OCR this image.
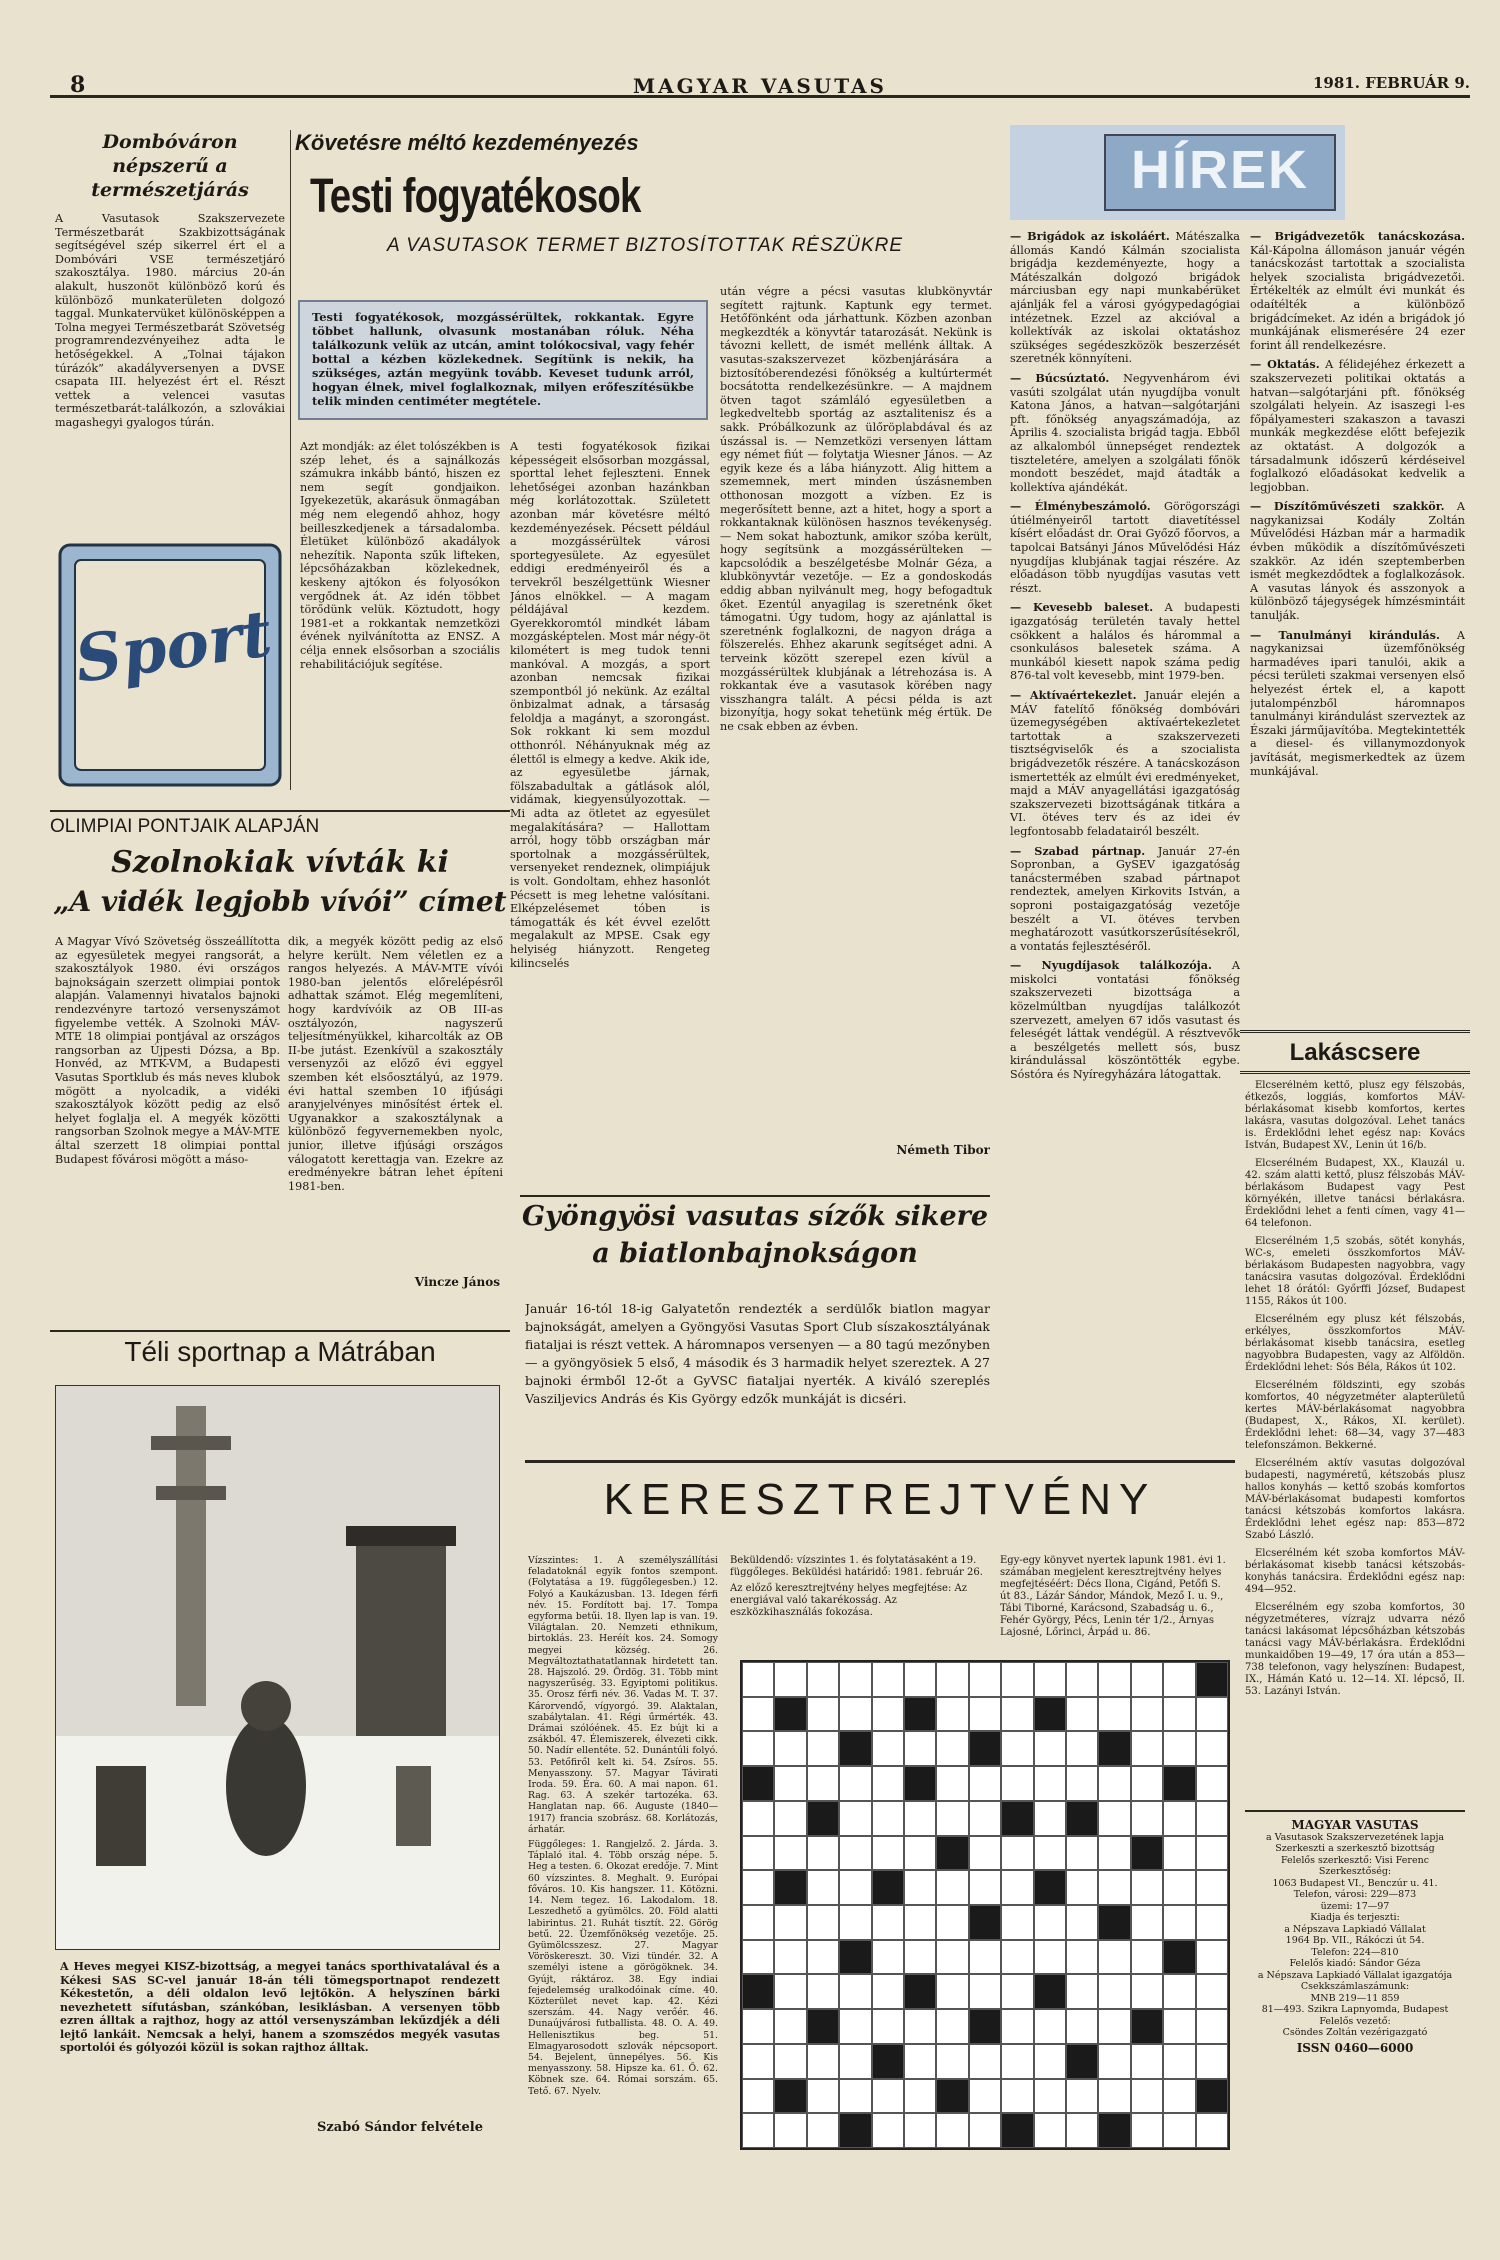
8	MAGYAR VASUTAS	1981. FEBRUÁR 9.
Dombóváron népszerű a természetjárás
A Vasutasok Szakszervezete Természetbarát Szakbizottságának segítségével szép sikerrel ért el a Dombóvári VSE természetjáró szakosztálya. 1980. március 20-án alakult, huszonöt különböző korú és különböző munkaterületen dolgozó taggal. Munkatervüket különösképpen a Tolna megyei Természetbarát Szövetség programrendezvényeihez adta le hetőségekkel. A „Tolnai tájakon túrázók” akadályversenyen a DVSE csapata III. helyezést ért el. Részt vettek a velencei vasutas természetbarát-találkozón, a szlovákiai magashegyi gyalogos túrán.
Sport
Követésre méltó kezdeményezés
Testi fogyatékosok
A VASUTASOK TERMET BIZTOSÍTOTTAK RÉSZÜKRE
Testi fogyatékosok, mozgássérültek, rokkantak. Egyre többet hallunk, olvasunk mostanában róluk. Néha találkozunk velük az utcán, amint tolókocsival, vagy fehér bottal a kézben közlekednek. Segítünk is nekik, ha szükséges, aztán megyünk tovább. Keveset tudunk arról, hogyan élnek, mivel foglalkoznak, milyen erőfeszítésükbe telik minden centiméter megtétele.
Azt mondják: az élet tolószékben is szép lehet, és a sajnálkozás számukra inkább bántó, hiszen ez nem segít gondjaikon. Igyekezetük, akarásuk önmagában még nem elegendő ahhoz, hogy beilleszkedjenek a társadalomba. Életüket különböző akadályok nehezítik. Naponta szűk lifteken, lépcsőházakban közlekednek, keskeny ajtókon és folyosókon vergődnek át. Az idén többet törődünk velük. Köztudott, hogy 1981-et a rokkantak nemzetközi évének nyilvánította az ENSZ. A célja ennek elsősorban a szociális rehabilitációjuk segítése.
A testi fogyatékosok fizikai képességeit elsősorban mozgással, sporttal lehet fejleszteni. Ennek lehetőségei azonban hazánkban még korlátozottak. Született azonban már követésre méltó kezdeményezések. Pécsett például a mozgássérültek városi sportegyesülete. Az egyesület eddigi eredményeiről és a tervekről beszélgettünk Wiesner János elnökkel. — A magam példájával kezdem. Gyerekkoromtól mindkét lábam mozgásképtelen. Most már négy-öt kilométert is meg tudok tenni mankóval. A mozgás, a sport azonban nemcsak fizikai szempontból jó nekünk. Az ezáltal önbizalmat adnak, a társaság feloldja a magányt, a szorongást. Sok rokkant ki sem mozdul otthonról. Néhányuknak még az élettől is elmegy a kedve. Akik ide, az egyesületbe járnak, fölszabadultak a gátlások alól, vidámak, kiegyensúlyozottak. — Mi adta az ötletet az egyesület megalakítására? — Hallottam arról, hogy több országban már sportolnak a mozgássérültek, versenyeket rendeznek, olimpiájuk is volt. Gondoltam, ehhez hasonlót Pécsett is meg lehetne valósítani. Elképzelésemet tóben is támogatták és két évvel ezelőtt megalakult az MPSE. Csak egy helyiség hiányzott. Rengeteg kilincselés
után végre a pécsi vasutas klubkönyvtár segített rajtunk. Kaptunk egy termet. Hetőfönként oda járhattunk. Közben azonban megkezdték a könyvtár tatarozását. Nekünk is távozni kellett, de ismét mellénk álltak. A vasutas-szakszervezet közbenjárására a biztosítóberendezési főnökség a kultúrtermét bocsátotta rendelkezésünkre. — A majdnem ötven tagot számláló egyesületben a legkedveltebb sportág az asztalitenisz és a sakk. Próbálkozunk az ülőröplabdával és az úszással is. — Nemzetközi versenyen láttam egy német fiút — folytatja Wiesner János. — Az egyik keze és a lába hiányzott. Alig hittem a szememnek, mert minden úszásnemben otthonosan mozgott a vízben. Ez is megerősített benne, azt a hitet, hogy a sport a rokkantaknak különösen hasznos tevékenység. — Nem sokat haboztunk, amikor szóba került, hogy segítsünk a mozgássérülteken — kapcsolódik a beszélgetésbe Molnár Géza, a klubkönyvtár vezetője. — Ez a gondoskodás eddig abban nyilvánult meg, hogy befogadtuk őket. Ezentúl anyagilag is szeretnénk őket támogatni. Úgy tudom, hogy az ajánlattal is szeretnénk foglalkozni, de nagyon drága a fölszerelés. Ehhez akarunk segítséget adni. A terveink között szerepel ezen kívül a mozgássérültek klubjának a létrehozása is. A rokkantak éve a vasutasok körében nagy visszhangra talált. A pécsi példa is azt bizonyítja, hogy sokat tehetünk még értük. De ne csak ebben az évben.
Németh Tibor
OLIMPIAI PONTJAIK ALAPJÁN
Szolnokiak vívták ki
„A vidék legjobb vívói” címet
A Magyar Vívó Szövetség összeállította az egyesületek megyei rangsorát, a szakosztályok 1980. évi országos bajnokságain szerzett olimpiai pontok alapján. Valamennyi hivatalos bajnoki rendezvényre tartozó versenyszámot figyelembe vették. A Szolnoki MÁV-MTE 18 olimpiai pontjával az országos rangsorban az Újpesti Dózsa, a Bp. Honvéd, az MTK-VM, a Budapesti Vasutas Sportklub és más neves klubok mögött a nyolcadik, a vidéki szakosztályok között pedig az első helyet foglalja el. A megyék közötti rangsorban Szolnok megye a MÁV-MTE által szerzett 18 olimpiai ponttal Budapest fővárosi mögött a máso-
dik, a megyék között pedig az első helyre került. Nem véletlen ez a rangos helyezés. A MÁV-MTE vívói 1980-ban jelentős előrelépésről adhattak számot. Elég megemlíteni, hogy kardvívóik az OB III-as osztályozón, nagyszerű teljesítményükkel, kiharcolták az OB II-be jutást. Ezenkívül a szakosztály versenyzői az előző évi eggyel szemben két elsőosztályú, az 1979. évi hattal szemben 10 ifjúsági aranyjelvényes minősítést értek el. Ugyanakkor a szakosztálynak a különböző fegyvernemekben nyolc, junior, illetve ifjúsági országos válogatott kerettagja van. Ezekre az eredményekre bátran lehet építeni 1981-ben.
Vincze János
Téli sportnap a Mátrában
A Heves megyei KISZ-bizottság, a megyei tanács sporthivatalával és a Kékesi SAS SC-vel január 18-án téli tömegsportnapot rendezett Kékestetőn, a déli oldalon levő lejtőkön. A helyszínen bárki nevezhetett sífutásban, szánkóban, lesiklásban. A versenyen több ezren álltak a rajthoz, hogy az attól versenyszámban lekűzdjék a déli lejtő lankáit. Nemcsak a helyi, hanem a szomszédos megyék vasutas sportolói és gólyozói közül is sokan rajthoz álltak.
Szabó Sándor felvétele
Gyöngyösi vasutas sízők sikere
a biatlonbajnokságon
Január 16-tól 18-ig Galyatetőn rendezték a serdülők biatlon magyar bajnokságát, amelyen a Gyöngyösi Vasutas Sport Club síszakosztályának fiataljai is részt vettek. A háromnapos versenyen — a 80 tagú mezőnyben — a gyöngyösiek 5 első, 4 második és 3 harmadik helyet szereztek. A 27 bajnoki érmből 12-őt a GyVSC fiataljai nyerték. A kiváló szereplés Vasziljevics András és Kis György edzők munkáját is dicséri.
HÍREK
— Brigádok az iskoláért. Mátészalka állomás Kandó Kálmán szocialista brigádja kezdeményezte, hogy a Mátészalkán dolgozó brigádok márciusban egy napi munkabérüket ajánlják fel a városi gyógypedagógiai intézetnek. Ezzel az akcióval a kollektívák az iskolai oktatáshoz szükséges segédeszközök beszerzését szeretnék könnyíteni.
— Búcsúztató. Negyvenhárom évi vasúti szolgálat után nyugdíjba vonult Katona János, a hatvan—salgótarjáni pft. főnökség anyagszámadója, az Április 4. szocialista brigád tagja. Ebből az alkalomból ünnepséget rendeztek tiszteletére, amelyen a szolgálati főnök mondott beszédet, majd átadták a kollektíva ajándékát.
— Élménybeszámoló. Görögországi útiélményeiről tartott diavetítéssel kísért előadást dr. Orai Győző főorvos, a tapolcai Batsányi János Művelődési Ház nyugdíjas klubjának tagjai részére. Az előadáson több nyugdíjas vasutas vett részt.
— Kevesebb baleset. A budapesti igazgatóság területén tavaly hettel csökkent a halálos és hárommal a csonkulásos balesetek száma. A munkából kiesett napok száma pedig 876-tal volt kevesebb, mint 1979-ben.
— Aktívaértekezlet. Január elején a MÁV fatelítő főnökség dombóvári üzemegységében aktívaértekezletet tartottak a szakszervezeti tisztségviselők és a szocialista brigádvezetők részére. A tanácskozáson ismertették az elmúlt évi eredményeket, majd a MÁV anyagellátási igazgatóság szakszervezeti bizottságának titkára a VI. ötéves terv és az idei év legfontosabb feladatairól beszélt.
— Szabad pártnap. Január 27-én Sopronban, a GySEV igazgatóság tanácstermében szabad pártnapot rendeztek, amelyen Kirkovits István, a soproni postaigazgatóság vezetője beszélt a VI. ötéves tervben meghatározott vasútkorszerűsítésekről, a vontatás fejlesztéséről.
— Nyugdíjasok találkozója. A miskolci vontatási főnökség szakszervezeti bizottsága a közelmúltban nyugdíjas találkozót szervezett, amelyen 67 idős vasutast és feleségét láttak vendégül. A résztvevők a beszélgetés mellett sós, busz kirándulással köszöntötték egybe. Sóstóra és Nyíregyházára látogattak.
— Brigádvezetők tanácskozása. Kál-Kápolna állomáson január végén tanácskozást tartottak a szocialista helyek szocialista brigádvezetői. Értékelték az elmúlt évi munkát és odaítélték a különböző brigádcímeket. Az idén a brigádok jó munkájának elismerésére 24 ezer forint áll rendelkezésre.
— Oktatás. A félidejéhez érkezett a szakszervezeti politikai oktatás a hatvan—salgótarjáni pft. főnökség szolgálati helyein. Az isaszegi l-es főpályamesteri szakaszon a tavaszi munkák megkezdése előtt befejezik az oktatást. A dolgozók a társadalmunk időszerű kérdéseivel foglalkozó előadásokat kedvelik a legjobban.
— Díszítőművészeti szakkör. A nagykanizsai Kodály Zoltán Művelődési Házban már a harmadik évben működik a díszítőművészeti szakkör. Az idén szeptemberben ismét megkezdődtek a foglalkozások. A vasutas lányok és asszonyok a különböző tájegységek hímzésmintáit tanulják.
— Tanulmányi kirándulás. A nagykanizsai üzemfőnökség harmadéves ipari tanulói, akik a pécsi területi szakmai versenyen első helyezést értek el, a kapott jutalompénzből háromnapos tanulmányi kirándulást szerveztek az Északi járműjavítóba. Megtekintették a diesel- és villanymozdonyok javítását, megismerkedtek az üzem munkájával.
Lakáscsere

Elcserélném kettő, plusz egy félszobás, étkezős, loggiás, komfortos MÁV-bérlakásomat kisebb komfortos, kertes lakásra, vasutas dolgozóval. Lehet tanács is. Érdeklődni lehet egész nap: Kovács István, Budapest XV., Lenin út 16/b.

Elcserélném Budapest, XX., Klauzál u. 42. szám alatti kettő, plusz félszobás MÁV-bérlakásom Budapest vagy Pest környékén, illetve tanácsi bérlakásra. Érdeklődni lehet a fenti címen, vagy 41—64 telefonon.

Elcserélném 1,5 szobás, sötét konyhás, WC-s, emeleti összkomfortos MÁV-bérlakásom Budapesten nagyobbra, vagy tanácsira vasutas dolgozóval. Érdeklődni lehet 18 órától: Győrffi József, Budapest 1155, Rákos út 100.

Elcserélném egy plusz két félszobás, erkélyes, összkomfortos MÁV-bérlakásomat kisebb tanácsira, esetleg nagyobbra Budapesten, vagy az Alföldön. Érdeklődni lehet: Sós Béla, Rákos út 102.

Elcserélném földszinti, egy szobás komfortos, 40 négyzetméter alapterületű kertes MÁV-bérlakásomat nagyobbra (Budapest, X., Rákos, XI. kerület). Érdeklődni lehet: 68—34, vagy 37—483 telefonszámon. Bekkerné.

Elcserélném aktív vasutas dolgozóval budapesti, nagyméretű, kétszobás plusz hallos konyhás — kettő szobás komfortos MÁV-bérlakásomat budapesti komfortos tanácsi kétszobás komfortos lakásra. Érdeklődni lehet egész nap: 853—872 Szabó László.

Elcserélném két szoba komfortos MÁV-bérlakásomat kisebb tanácsi kétszobás-konyhás tanácsira. Érdeklődni egész nap: 494—952.

Elcserélném egy szoba komfortos, 30 négyzetméteres, vízrajz udvarra néző tanácsi lakásomat lépcsőházban kétszobás tanácsi vagy MÁV-bérlakásra. Érdeklődni munkaidőben 19—49, 17 óra után a 853—738 telefonon, vagy helyszínen: Budapest, IX., Hámán Kató u. 12—14. XI. lépcső, II. 53. Lazányi István.

MAGYAR VASUTAS
a Vasutasok Szakszervezetének lapja
Szerkeszti a szerkesztő bizottság
Felelős szerkesztő: Visi Ferenc
Szerkesztőség:
1063 Budapest VI., Benczúr u. 41.
Telefon, városi: 229—873
üzemi: 17—97
Kiadja és terjeszti:
a Népszava Lapkiadó Vállalat
1964 Bp. VII., Rákóczi út 54.
Telefon: 224—810
Felelős kiadó: Sándor Géza
a Népszava Lapkiadó Vállalat igazgatója
Csekkszámlaszámunk:
MNB 219—11 859
81—493. Szikra Lapnyomda, Budapest
Felelős vezető:
Csöndes Zoltán vezérigazgató
ISSN 0460—6000
KERESZTREJTVÉNY
Vízszintes: 1. A személyszállítási feladatoknál egyik fontos szempont. (Folytatása a 19. függőlegesben.) 12. Folyó a Kaukázusban. 13. Idegen férfi név. 15. Fordított baj. 17. Tompa egyforma betűi. 18. Ilyen lap is van. 19. Világtalan. 20. Nemzeti ethnikum, birtoklás. 23. Heréít kos. 24. Somogy megyei község. 26. Megváltoztathatatlannak hirdetett tan. 28. Hajszoló. 29. Ördög. 31. Több mint nagyszerűség. 33. Egyiptomi politikus. 35. Orosz férfi név. 36. Vadas M. T. 37. Károrvendő, vígyorgó. 39. Alaktalan, szabálytalan. 41. Régi űrmérték. 43. Drámai szólóének. 45. Ez bújt ki a zsákból. 47. Élemiszerek, élvezeti cikk. 50. Nadír ellentéte. 52. Dunántúli folyó. 53. Petőfiről kelt ki. 54. Zsíros. 55. Menyasszony. 57. Magyar Távirati Iroda. 59. Éra. 60. A mai napon. 61. Rag. 63. A szekér tartozéka. 63. Hanglatan nap. 66. Auguste (1840—1917) francia szobrász. 68. Korlátozás, árhatár.
Függőleges: 1. Rangjelző. 2. Járda. 3. Táplaló ital. 4. Több ország népe. 5. Heg a testen. 6. Okozat eredője. 7. Mint 60 vízszintes. 8. Meghalt. 9. Európai főváros. 10. Kis hangszer. 11. Kötözni. 14. Nem tegez. 16. Lakodalom. 18. Leszedhető a gyümölcs. 20. Föld alatti labirintus. 21. Ruhát tisztít. 22. Görög betű. 22. Üzemfőnökség vezetője. 25. Gyümölcsszesz. 27. Magyar Vöröskereszt. 30. Vizi tündér. 32. A személyi istene a görögöknek. 34. Gyújt, ráktároz. 38. Egy indiai fejedelemség uralkodóinak címe. 40. Közterület nevet kap. 42. Kézi szerszám. 44. Nagy verőér. 46. Dunaújvárosi futballista. 48. O. A. 49. Hellenisztikus beg. 51. Elmagyarosodott szlovák népcsoport. 54. Bejelent, ünnepélyes. 56. Kis menyasszony. 58. Hipsze ka. 61. Ő. 62. Köbnek sze. 64. Római sorszám. 65. Tető. 67. Nyelv.
Beküldendő: vízszintes 1. és folytatásaként a 19. függőleges. Beküldési határidő: 1981. február 26.
Az előző keresztrejtvény helyes megfejtése: Az energiával való takarékosság. Az eszközkihasználás fokozása.
Egy-egy könyvet nyertek lapunk 1981. évi 1. számában megjelent keresztrejtvény helyes megfejtéséért: Décs Ilona, Cigánd, Petőfi S. út 83., Lázár Sándor, Mándok, Mező I. u. 9., Tábi Tiborné, Karácsond, Szabadság u. 6., Fehér György, Pécs, Lenin tér 1/2., Árnyas Lajosné, Lőrinci, Árpád u. 86.
